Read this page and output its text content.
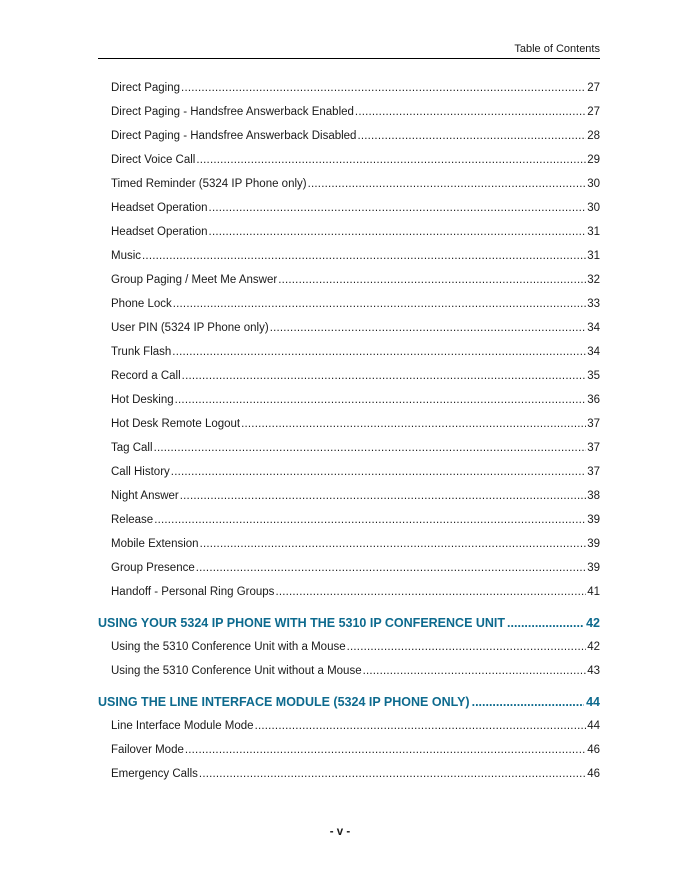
Table of Contents
Direct Paging .....	27
Direct Paging - Handsfree Answerback Enabled .....	27
Direct Paging - Handsfree Answerback Disabled .....	28
Direct Voice Call .....	29
Timed Reminder (5324 IP Phone only) .....	30
Headset Operation .....	30
Headset Operation .....	31
Music .....	31
Group Paging / Meet Me Answer .....	32
Phone Lock .....	33
User PIN (5324 IP Phone only) .....	34
Trunk Flash .....	34
Record a Call .....	35
Hot Desking .....	36
Hot Desk Remote Logout .....	37
Tag Call .....	37
Call History .....	37
Night Answer .....	38
Release .....	39
Mobile Extension .....	39
Group Presence .....	39
Handoff - Personal Ring Groups .....	41
USING YOUR 5324 IP PHONE WITH THE 5310 IP CONFERENCE UNIT .....	42
Using the 5310 Conference Unit with a Mouse .....	42
Using the 5310 Conference Unit without a Mouse .....	43
USING THE LINE INTERFACE MODULE (5324 IP PHONE ONLY) .....	44
Line Interface Module Mode .....	44
Failover Mode .....	46
Emergency Calls .....	46
- v -
